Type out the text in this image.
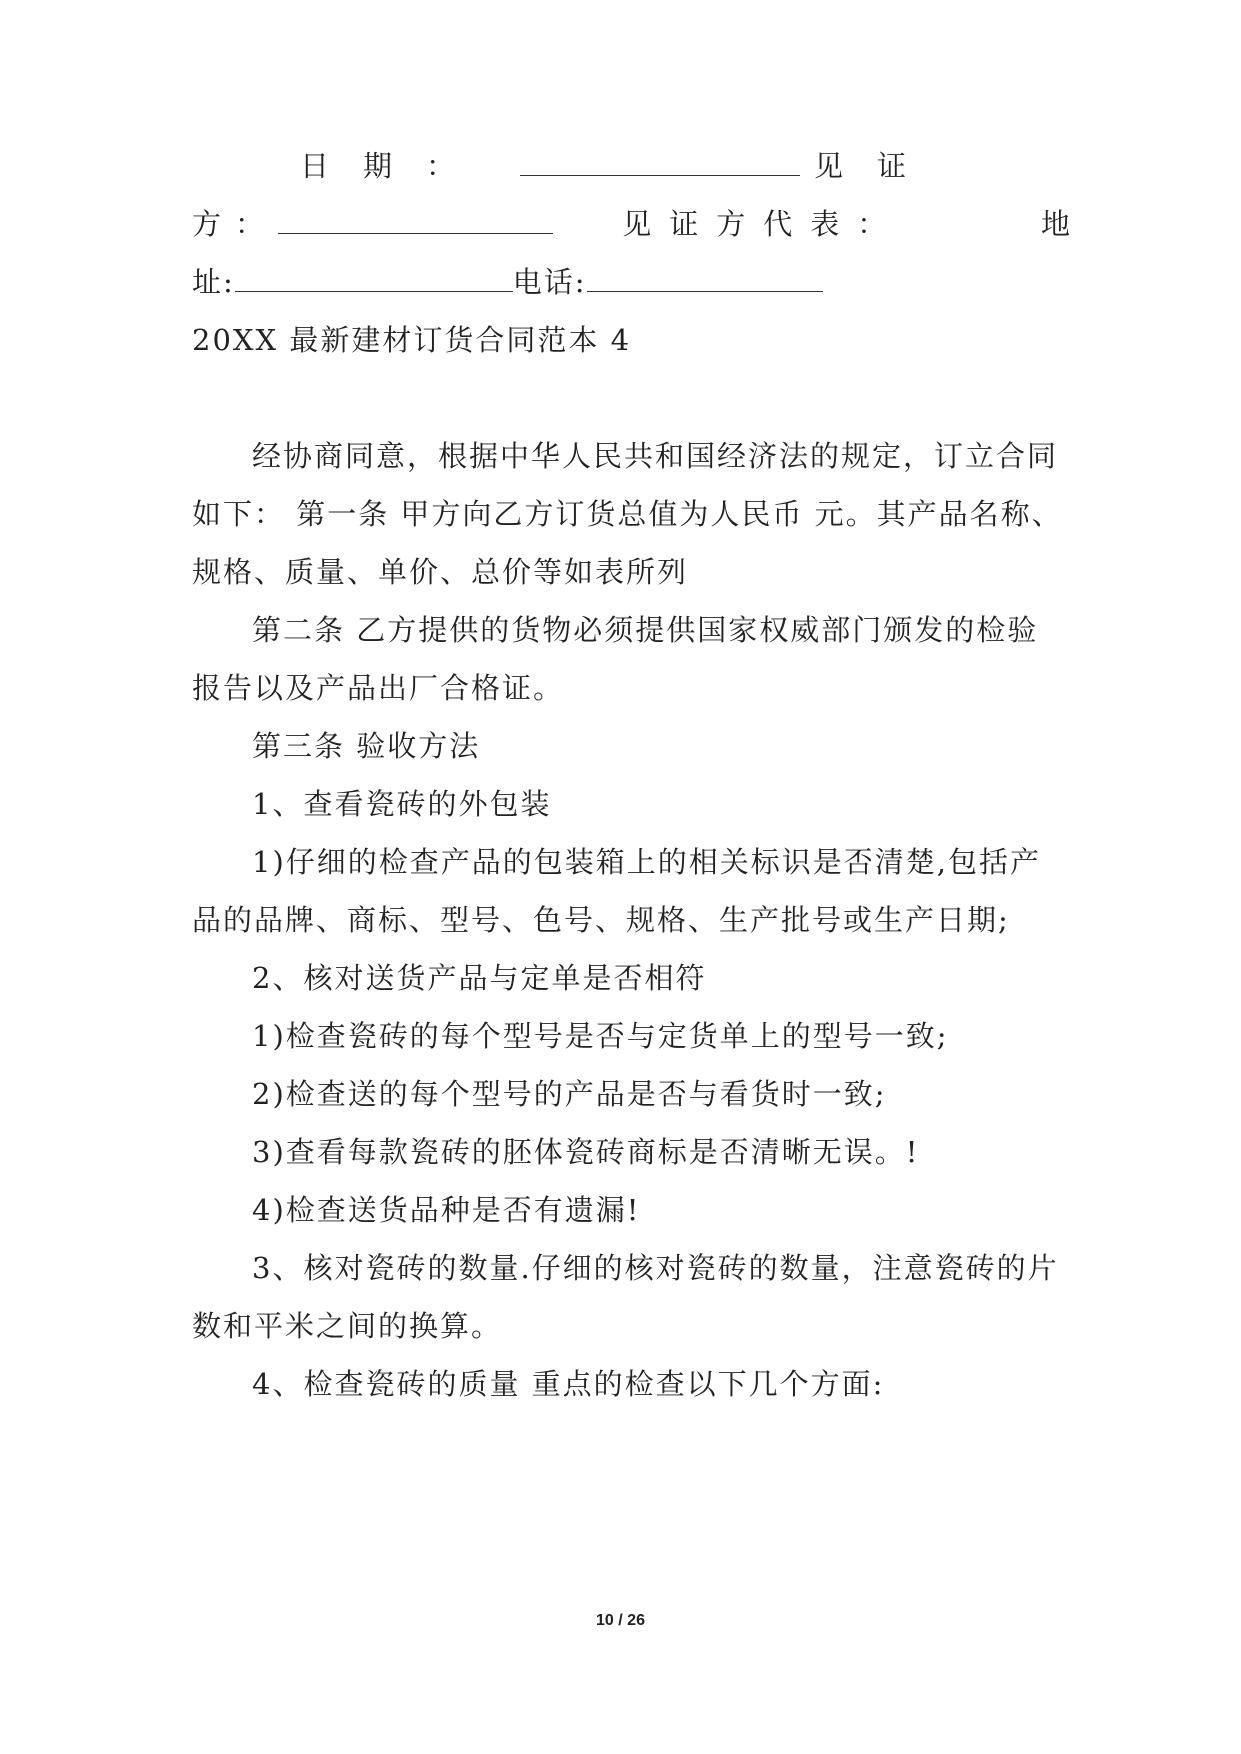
日期：	见证
方：	见证方代表：	地
址:	电话:
20XX 最新建材订货合同范本 4
经协商同意，根据中华人民共和国经济法的规定，订立合同
如下： 第一条 甲方向乙方订货总值为人民币 元。其产品名称、
规格、质量、单价、总价等如表所列
第二条 乙方提供的货物必须提供国家权威部门颁发的检验
报告以及产品出厂合格证。
第三条 验收方法
1、查看瓷砖的外包装
1)仔细的检查产品的包装箱上的相关标识是否清楚,包括产
品的品牌、商标、型号、色号、规格、生产批号或生产日期;
2、核对送货产品与定单是否相符
1)检查瓷砖的每个型号是否与定货单上的型号一致;
2)检查送的每个型号的产品是否与看货时一致;
3)查看每款瓷砖的胚体瓷砖商标是否清晰无误。!
4)检查送货品种是否有遗漏!
3、核对瓷砖的数量.仔细的核对瓷砖的数量，注意瓷砖的片
数和平米之间的换算。
4、检查瓷砖的质量 重点的检查以下几个方面:
10 / 26
